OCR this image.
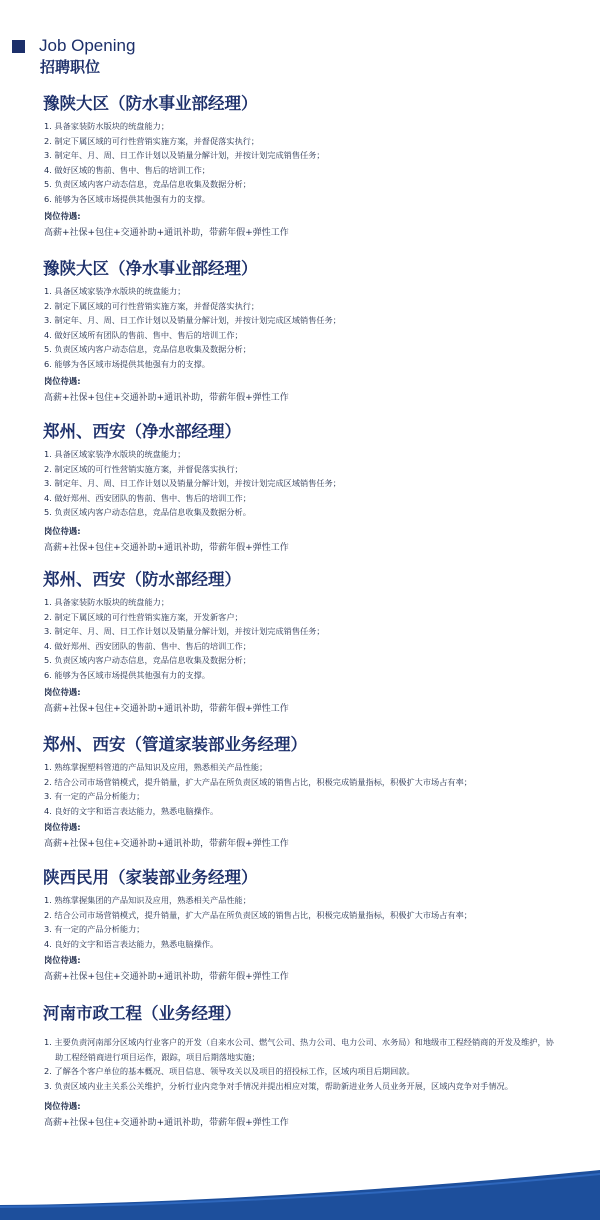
Job Opening
招聘职位
豫陕大区（防水事业部经理）
1. 具备家装防水版块的统盘能力；
2. 制定下属区域的可行性营销实施方案，并督促落实执行；
3. 制定年、月、周、日工作计划以及销量分解计划，并按计划完成销售任务；
4. 做好区域的售前、售中、售后的培训工作；
5. 负责区域内客户动态信息，竞品信息收集及数据分析；
6. 能够为各区域市场提供其他强有力的支撑。
岗位待遇:
高薪+社保+包住+交通补助+通讯补助，带薪年假+弹性工作
豫陕大区（净水事业部经理）
1. 具备区域家装净水版块的统盘能力；
2. 制定下属区域的可行性营销实施方案，并督促落实执行；
3. 制定年、月、周、日工作计划以及销量分解计划，并按计划完成区域销售任务；
4. 做好区域所有团队的售前、售中、售后的培训工作；
5. 负责区域内客户动态信息，竞品信息收集及数据分析；
6. 能够为各区域市场提供其他强有力的支撑。
岗位待遇:
高薪+社保+包住+交通补助+通讯补助，带薪年假+弹性工作
郑州、西安（净水部经理）
1. 具备区域家装净水版块的统盘能力；
2. 制定区域的可行性营销实施方案，并督促落实执行；
3. 制定年、月、周、日工作计划以及销量分解计划，并按计划完成区域销售任务；
4. 做好郑州、西安团队的售前、售中、售后的培训工作；
5. 负责区域内客户动态信息，竞品信息收集及数据分析。
岗位待遇:
高薪+社保+包住+交通补助+通讯补助，带薪年假+弹性工作
郑州、西安（防水部经理）
1. 具备家装防水版块的统盘能力；
2. 制定下属区域的可行性营销实施方案，开发新客户；
3. 制定年、月、周、日工作计划以及销量分解计划，并按计划完成销售任务；
4. 做好郑州、西安团队的售前、售中、售后的培训工作；
5. 负责区域内客户动态信息，竞品信息收集及数据分析；
6. 能够为各区域市场提供其他强有力的支撑。
岗位待遇:
高薪+社保+包住+交通补助+通讯补助，带薪年假+弹性工作
郑州、西安（管道家装部业务经理）
1. 熟练掌握塑料管道的产品知识及应用，熟悉相关产品性能；
2. 结合公司市场营销模式，提升销量，扩大产品在所负责区域的销售占比，积极完成销量指标，积极扩大市场占有率；
3. 有一定的产品分析能力；
4. 良好的文字和语言表达能力，熟悉电脑操作。
岗位待遇:
高薪+社保+包住+交通补助+通讯补助，带薪年假+弹性工作
陕西民用（家装部业务经理）
1. 熟练掌握集团的产品知识及应用，熟悉相关产品性能；
2. 结合公司市场营销模式，提升销量，扩大产品在所负责区域的销售占比，积极完成销量指标，积极扩大市场占有率；
3. 有一定的产品分析能力；
4. 良好的文字和语言表达能力，熟悉电脑操作。
岗位待遇:
高薪+社保+包住+交通补助+通讯补助，带薪年假+弹性工作
河南市政工程（业务经理）
1. 主要负责河南部分区域内行业客户的开发（自来水公司、燃气公司、热力公司、电力公司、水务局）和地级市工程经销商的开发及维护，协助工程经销商进行项目运作，跟踪，项目后期落地实施；
2. 了解各个客户单位的基本概况、项目信息、领导攻关以及项目的招投标工作，区域内项目后期回款。
3. 负责区域内业主关系公关维护，分析行业内竞争对手情况并提出相应对策，帮助新进业务人员业务开展，区域内竞争对手情况。
岗位待遇:
高薪+社保+包住+交通补助+通讯补助，带薪年假+弹性工作
